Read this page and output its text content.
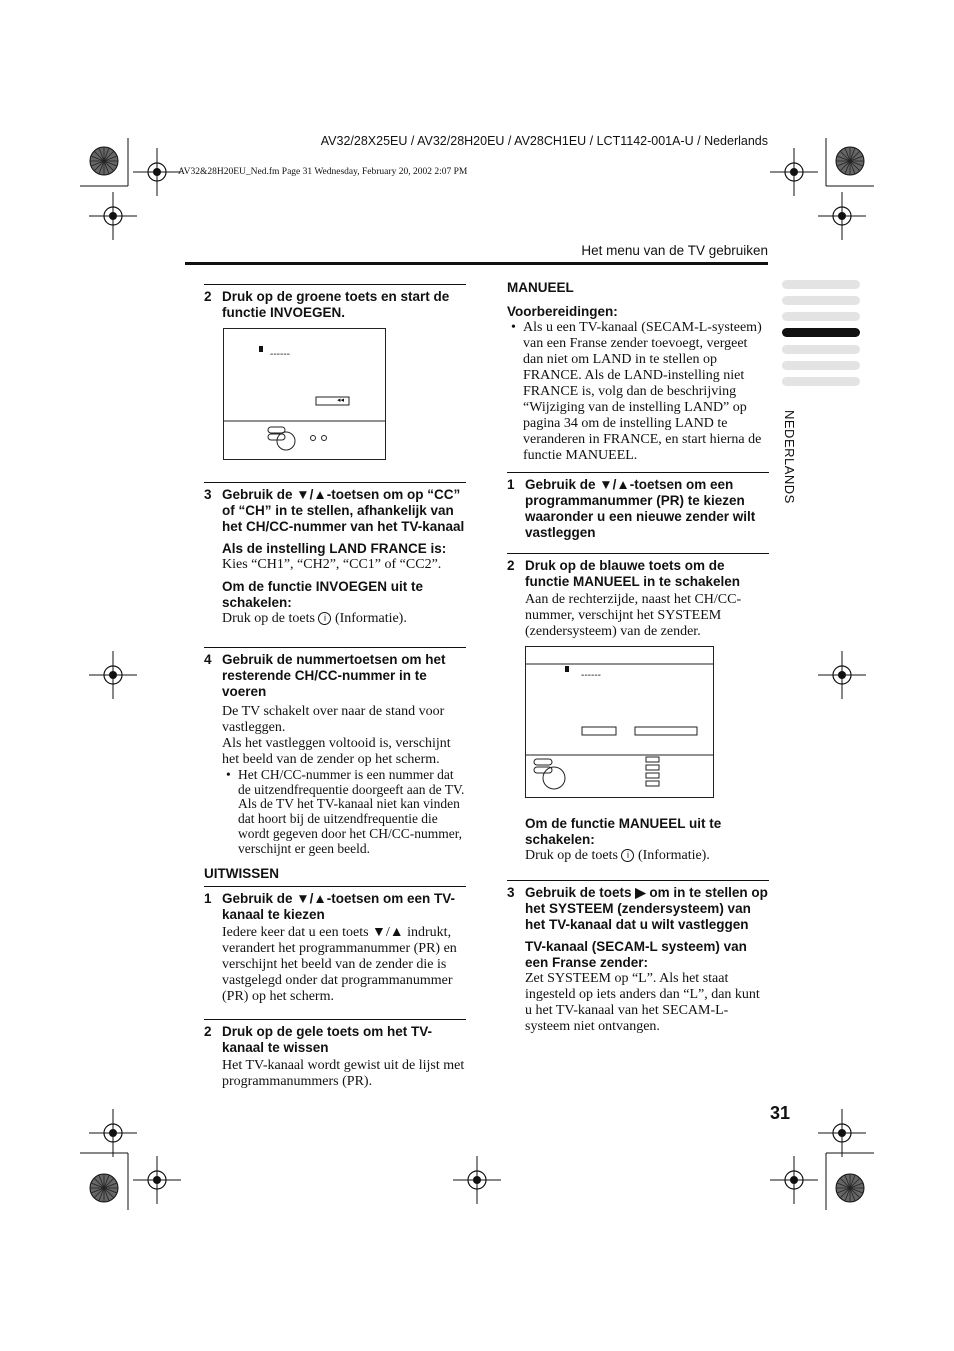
AV32/28X25EU / AV32/28H20EU / AV28CH1EU / LCT1142-001A-U / Nederlands
AV32&28H20EU_Ned.fm Page 31 Wednesday, February 20, 2002 2:07 PM
Het menu van de TV gebruiken
NEDERLANDS
2 Druk op de groene toets en start de functie INVOEGEN.
------
◂◂
3 Gebruik de ▼/▲-toetsen om op “CC” of “CH” in te stellen, afhankelijk van het CH/CC-nummer van het TV-kanaal
Als de instelling LAND FRANCE is:
Kies “CH1”, “CH2”, “CC1” of “CC2”.
Om de functie INVOEGEN uit te schakelen:
Druk op de toets i (Informatie).
4 Gebruik de nummertoetsen om het resterende CH/CC-nummer in te voeren
De TV schakelt over naar de stand voor vastleggen.
Als het vastleggen voltooid is, verschijnt het beeld van de zender op het scherm.
• Het CH/CC-nummer is een nummer dat de uitzendfrequentie doorgeeft aan de TV. Als de TV het TV-kanaal niet kan vinden dat hoort bij de uitzendfrequentie die wordt gegeven door het CH/CC-nummer, verschijnt er geen beeld.
UITWISSEN
1 Gebruik de ▼/▲-toetsen om een TV-kanaal te kiezen
Iedere keer dat u een toets ▼/▲ indrukt, verandert het programmanummer (PR) en verschijnt het beeld van de zender die is vastgelegd onder dat programmanummer (PR) op het scherm.
2 Druk op de gele toets om het TV-kanaal te wissen
Het TV-kanaal wordt gewist uit de lijst met programmanummers (PR).
MANUEEL
Voorbereidingen:
• Als u een TV-kanaal (SECAM-L-systeem) van een Franse zender toevoegt, vergeet dan niet om LAND in te stellen op FRANCE. Als de LAND-instelling niet FRANCE is, volg dan de beschrijving “Wijziging van de instelling LAND” op pagina 34 om de instelling LAND te veranderen in FRANCE, en start hierna de functie MANUEEL.
1 Gebruik de ▼/▲-toetsen om een programmanummer (PR) te kiezen waaronder u een nieuwe zender wilt vastleggen
2 Druk op de blauwe toets om de functie MANUEEL in te schakelen
Aan de rechterzijde, naast het CH/CC-nummer, verschijnt het SYSTEEM (zendersysteem) van de zender.
------
Om de functie MANUEEL uit te schakelen:
Druk op de toets i (Informatie).
3 Gebruik de toets ▶ om in te stellen op het SYSTEEM (zendersysteem) van het TV-kanaal dat u wilt vastleggen
TV-kanaal (SECAM-L systeem) van een Franse zender:
Zet SYSTEEM op “L”. Als het staat ingesteld op iets anders dan “L”, dan kunt u het TV-kanaal van het SECAM-L-systeem niet ontvangen.
31
